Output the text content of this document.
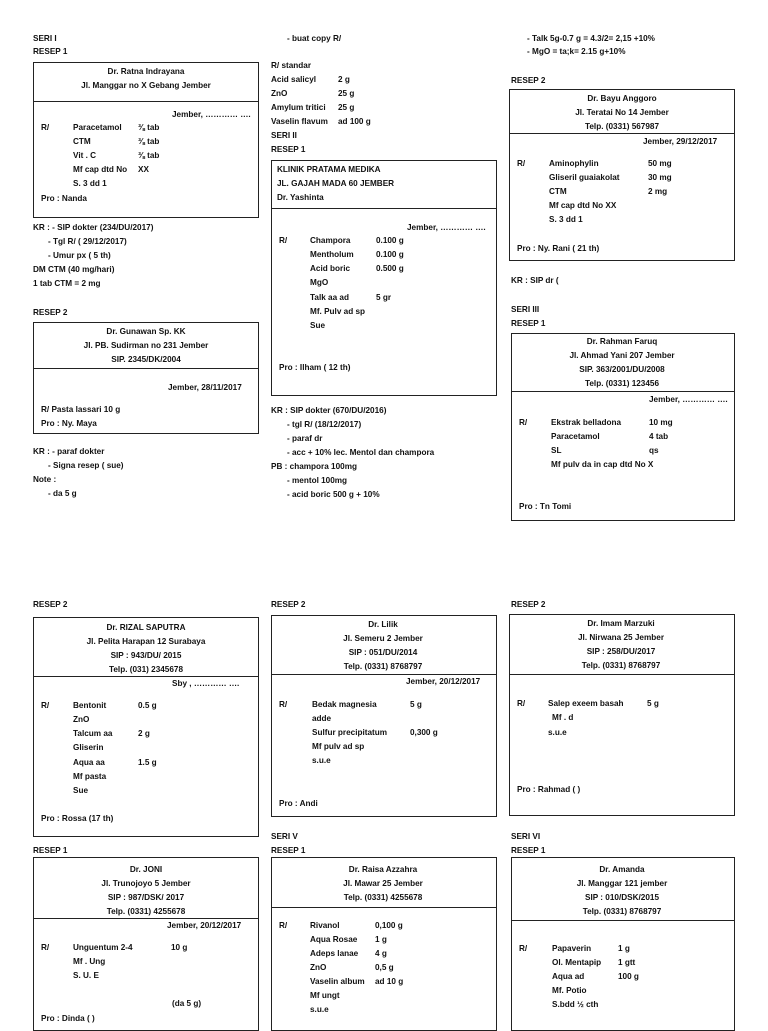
SERI I
RESEP 1
Dr. Ratna Indrayana
Jl. Manggar no X Gebang Jember
Jember, ………… ….
R/	Paracetamol ⅜ tab
CTM	⅜ tab
Vit . C	⅜ tab
Mf cap dtd No XX
S. 3 dd 1
Pro : Nanda
KR : - SIP dokter (234/DU/2017)
- Tgl R/ ( 29/12/2017)
- Umur px ( 5 th)
DM CTM (40 mg/hari)
1 tab CTM = 2 mg
RESEP 2
Dr. Gunawan Sp. KK
Jl. PB. Sudirman no 231 Jember
SIP. 2345/DK/2004
Jember, 28/11/2017
R/ Pasta lassari 10 g
Pro : Ny. Maya
KR : - paraf dokter
- Signa resep ( sue)
Note :
- da 5 g
- buat copy R/
R/ standar
Acid salicyl	2 g
ZnO	25 g
Amylum tritici 25 g
Vaselin flavum ad 100 g
SERI II
RESEP 1
KLINIK PRATAMA MEDIKA
JL. GAJAH MADA 60 JEMBER
Dr. Yashinta
Jember, ………… ….
R/	Champora	0.100 g
Mentholum	0.100 g
Acid boric	0.500 g
MgO
Talk aa ad	5 gr
Mf. Pulv ad sp
Sue
Pro : Ilham ( 12 th)
KR : SIP dokter (670/DU/2016)
- tgl R/ (18/12/2017)
- paraf dr
- acc + 10% lec. Mentol dan champora
PB : champora 100mg
- mentol 100mg
- acid boric 500 g + 10%
- Talk 5g-0.7 g = 4.3/2= 2,15 +10%
- MgO = ta;k= 2.15 g+10%
RESEP 2
Dr. Bayu Anggoro
Jl. Teratai No 14 Jember
Telp. (0331) 567987
Jember, 29/12/2017
R/	Aminophylin	50 mg
Gliseril guaiakolat	30 mg
CTM	2 mg
Mf cap dtd No XX
S. 3 dd 1
Pro : Ny. Rani ( 21 th)
KR : SIP dr (
SERI III
RESEP 1
Dr. Rahman Faruq
Jl. Ahmad Yani 207 Jember
SIP. 363/2001/DU/2008
Telp. (0331) 123456
Jember, ………… ….
R/	Ekstrak belladona	10 mg
Paracetamol	4 tab
SL	qs
Mf pulv da in cap dtd No X
Pro : Tn Tomi
RESEP 2
Dr. RIZAL SAPUTRA
Jl. Pelita Harapan 12 Surabaya
SIP : 943/DU/ 2015
Telp. (031) 2345678
Sby , ………… ….
R/	Bentonit	0.5 g
ZnO
Talcum aa	2 g
Gliserin
Aqua aa	1.5 g
Mf pasta
Sue
Pro : Rossa (17 th)
RESEP 2
Dr. Lilik
Jl. Semeru 2 Jember
SIP : 051/DU/2014
Telp. (0331) 8768797
Jember, 20/12/2017
R/	Bedak magnesia	5 g
adde
Sulfur precipitatum	0,300 g
Mf pulv ad sp
s.u.e
Pro : Andi
RESEP 2
Dr. Imam Marzuki
Jl. Nirwana 25 Jember
SIP : 258/DU/2017
Telp. (0331) 8768797
R/	Salep exeem basah	5 g
Mf . d
s.u.e
Pro : Rahmad ( )
RESEP 1
Dr. JONI
Jl. Trunojoyo 5 Jember
SIP : 987/DSK/ 2017
Telp. (0331) 4255678
Jember, 20/12/2017
R/	Unguentum 2-4	10 g
Mf . Ung
S. U. E
(da 5 g)
Pro : Dinda ( )
SERI V
RESEP 1
Dr. Raisa Azzahra
Jl. Mawar 25 Jember
Telp. (0331) 4255678
R/	Rivanol	0,100 g
Aqua Rosae 1 g
Adeps lanae 4 g
ZnO	0,5 g
Vaselin album ad 10 g
Mf ungt
s.u.e
SERI VI
RESEP 1
Dr. Amanda
Jl. Manggar 121 jember
SIP : 010/DSK/2015
Telp. (0331) 8768797
R/	Papaverin	1 g
Ol. Mentapip 1 gtt
Aqua ad	100 g
Mf. Potio
S.bdd ½ cth
